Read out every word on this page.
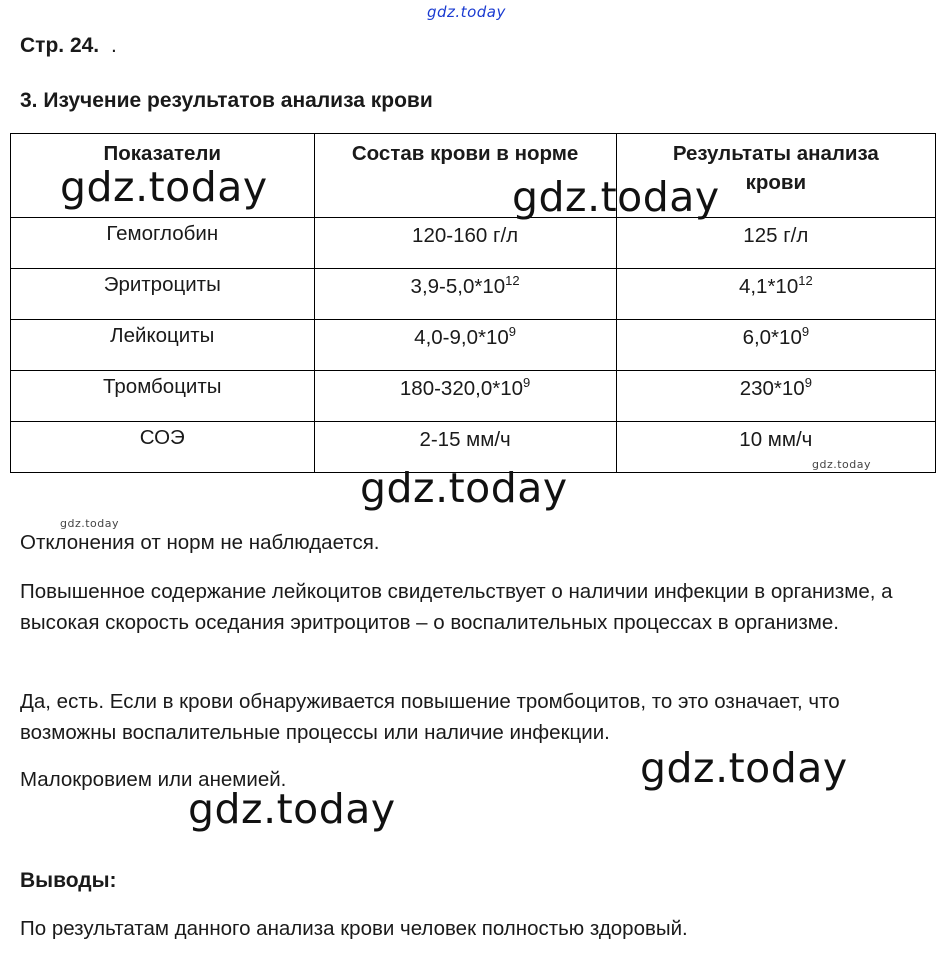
gdz.today
Стр. 24. .
3. Изучение результатов анализа крови
Показатели	Состав крови в норме	Результаты анализа крови
Гемоглобин	120-160 г/л	125 г/л
Эритроциты	$3,9-5,0*10^{12}$	$4,1*10^{12}$
Лейкоциты	$4,0-9,0*10^9$	$6,0*10^9$
Тромбоциты	$180-320,0*10^9$	$230*10^9$
СОЭ	2-15 мм/ч	10 мм/ч
gdz.today	gdz.today
gdz.today
gdz.today
gdz.today
gdz.today
gdz.today
Отклонения от норм не наблюдается.
Повышенное содержание лейкоцитов свидетельствует о наличии инфекции в организме, а высокая скорость оседания эритроцитов – о воспалительных процессах в организме.
Да, есть. Если в крови обнаруживается повышение тромбоцитов, то это означает, что возможны воспалительные процессы или наличие инфекции.
Малокровием или анемией.
Выводы:
По результатам данного анализа крови человек полностью здоровый.
